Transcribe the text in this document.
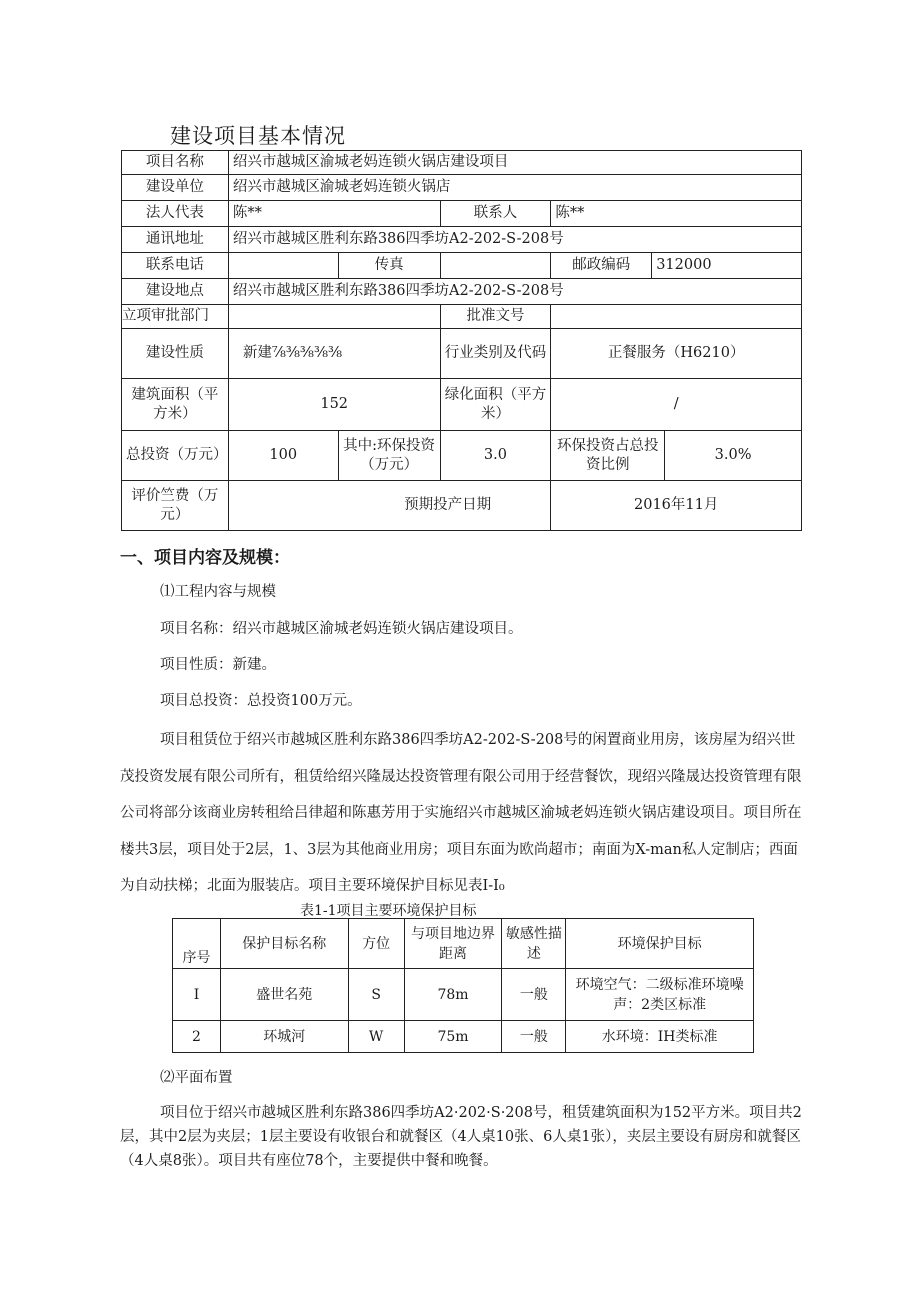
建设项目基本情况
项目名称	绍兴市越城区渝城老妈连锁火锅店建设项目					
建设单位	绍兴市越城区渝城老妈连锁火锅店					
法人代表	陈**		联系人	陈**		
通讯地址	绍兴市越城区胜利东路386四季坊A2-202-S-208号					
联系电话		传真		邮政编码	312000	
建设地点	绍兴市越城区胜利东路386四季坊A2-202-S-208号					
立项审批部门			批准文号			
建设性质	新建⅞⅜⅜⅜⅜		行业类别及代码	正餐服务（H6210）		
建筑面积（平方米）	152		绿化面积（平方米）	/		
总投资（万元）	100	其中:环保投资（万元）	3.0	环保投资占总投资比例		3.0%
评价竺费（万元）	预期投产日期			2016年11月		
一、项目内容及规模：
⑴工程内容与规模
项目名称：绍兴市越城区渝城老妈连锁火锅店建设项目。
项目性质：新建。
项目总投资：总投资100万元。
项目租赁位于绍兴市越城区胜利东路386四季坊A2-202-S-208号的闲置商业用房，该房屋为绍兴世茂投资发展有限公司所有，租赁给绍兴隆晟达投资管理有限公司用于经营餐饮，现绍兴隆晟达投资管理有限公司将部分该商业房转租给吕律超和陈惠芳用于实施绍兴市越城区渝城老妈连锁火锅店建设项目。项目所在楼共3层，项目处于2层，1、3层为其他商业用房；项目东面为欧尚超市；南面为X-man私人定制店；西面为自动扶梯；北面为服装店。项目主要环境保护目标见表I-I₀
表1-1项目主要环境保护目标
序号	保护目标名称	方位	与项目地边界距离	敏感性描述	环境保护目标
I	盛世名苑	S	78m	一般	环境空气：二级标准环境噪声：2类区标准
2	环城河	W	75m	一般	水环境：IH类标准
⑵平面布置
项目位于绍兴市越城区胜利东路386四季坊A2·202·S·208号，租赁建筑面积为152平方米。项目共2层，其中2层为夹层；1层主要设有收银台和就餐区（4人桌10张、6人桌1张），夹层主要设有厨房和就餐区（4人桌8张）。项目共有座位78个，主要提供中餐和晚餐。
